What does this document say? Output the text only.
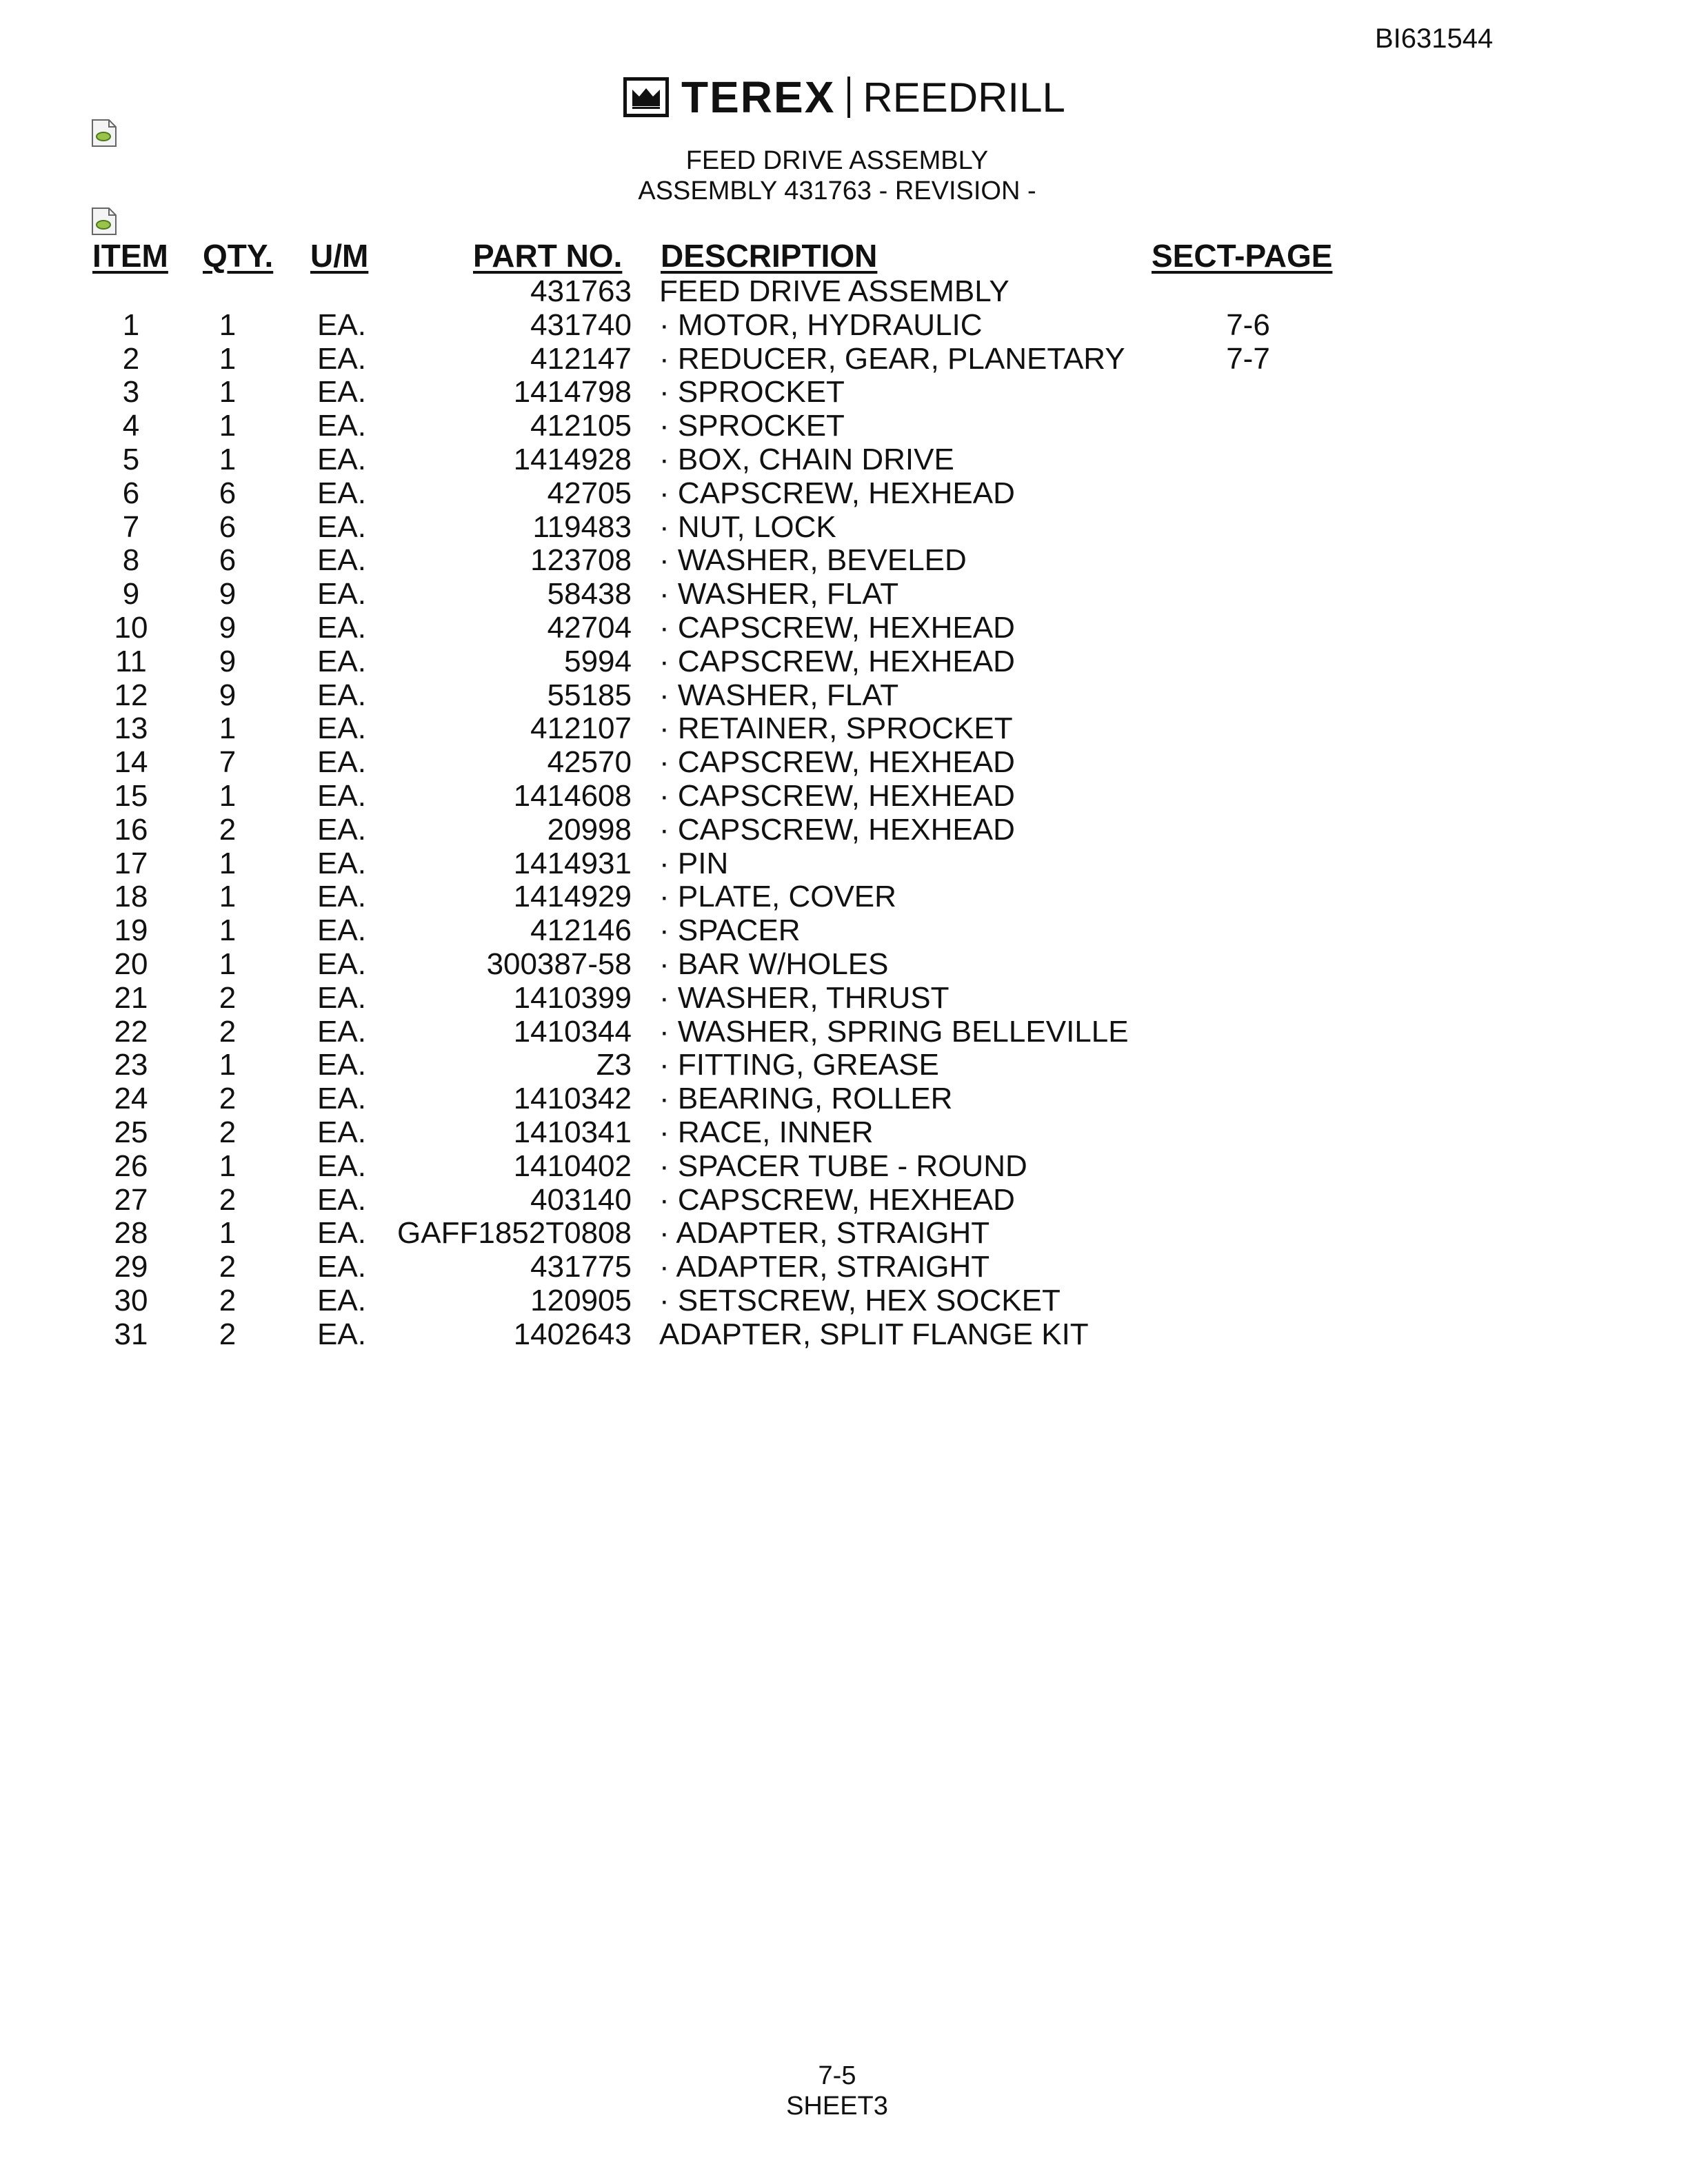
BI631544
TEREX REEDRILL
FEED DRIVE ASSEMBLY
ASSEMBLY 431763 - REVISION -
ITEM QTY. U/M	PART NO. DESCRIPTION	SECT-PAGE
431763 FEED DRIVE ASSEMBLY
1	1	EA.	431740 · MOTOR, HYDRAULIC	7-6
2	1	EA.	412147 · REDUCER, GEAR, PLANETARY	7-7
3	1	EA.	1414798 · SPROCKET
4	1	EA.	412105 · SPROCKET
5	1	EA.	1414928 · BOX, CHAIN DRIVE
6	6	EA.	42705 · CAPSCREW, HEXHEAD
7	6	EA.	119483 · NUT, LOCK
8	6	EA.	123708 · WASHER, BEVELED
9	9	EA.	58438 · WASHER, FLAT
10	9	EA.	42704 · CAPSCREW, HEXHEAD
11	9	EA.	5994 · CAPSCREW, HEXHEAD
12	9	EA.	55185 · WASHER, FLAT
13	1	EA.	412107 · RETAINER, SPROCKET
14	7	EA.	42570 · CAPSCREW, HEXHEAD
15	1	EA.	1414608 · CAPSCREW, HEXHEAD
16	2	EA.	20998 · CAPSCREW, HEXHEAD
17	1	EA.	1414931 · PIN
18	1	EA.	1414929 · PLATE, COVER
19	1	EA.	412146 · SPACER
20	1	EA.	300387-58 · BAR W/HOLES
21	2	EA.	1410399 · WASHER, THRUST
22	2	EA.	1410344 · WASHER, SPRING BELLEVILLE
23	1	EA.	Z3 · FITTING, GREASE
24	2	EA.	1410342 · BEARING, ROLLER
25	2	EA.	1410341 · RACE, INNER
26	1	EA.	1410402 · SPACER TUBE - ROUND
27	2	EA.	403140 · CAPSCREW, HEXHEAD
28	1	EA.	GAFF1852T0808 · ADAPTER, STRAIGHT
29	2	EA.	431775 · ADAPTER, STRAIGHT
30	2	EA.	120905 · SETSCREW, HEX SOCKET
31	2	EA.	1402643 ADAPTER, SPLIT FLANGE KIT
7-5
SHEET3
